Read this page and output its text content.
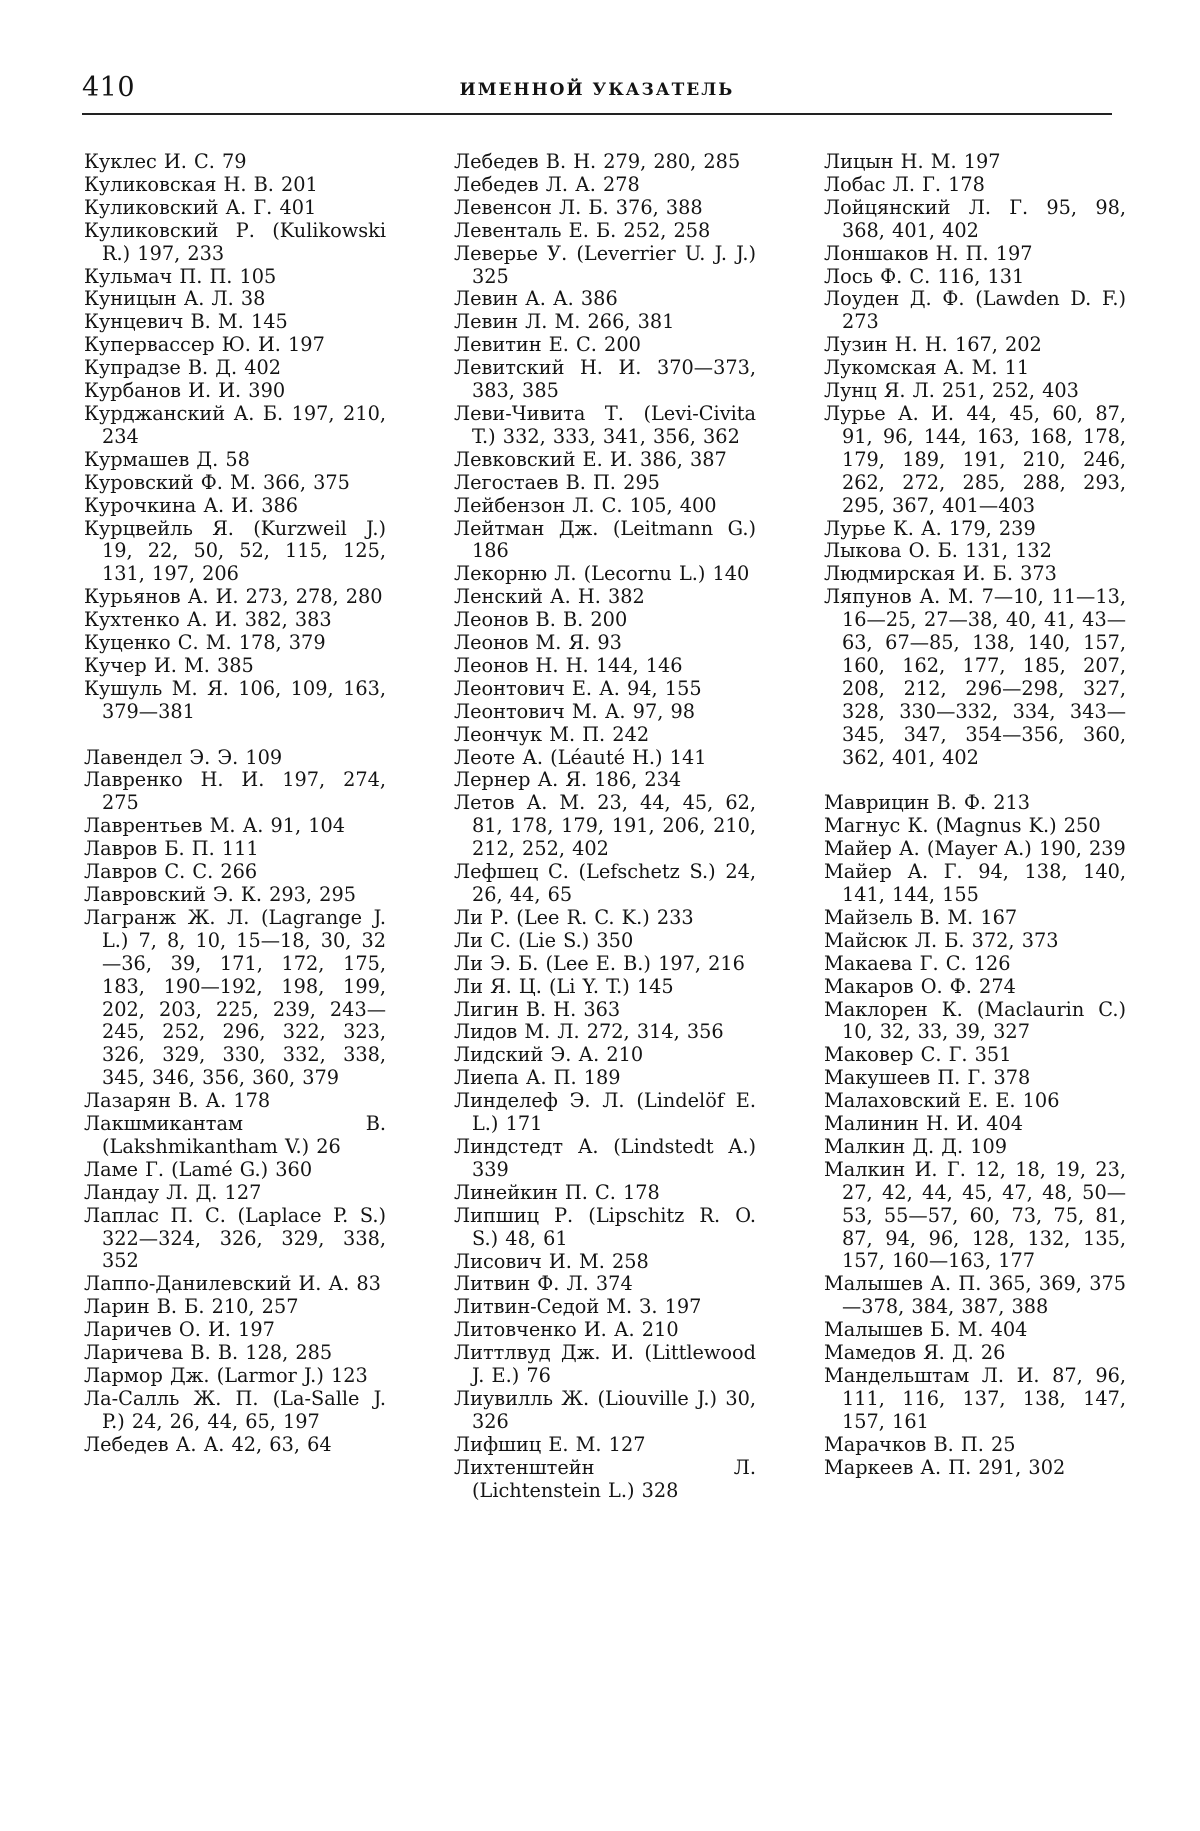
410	ИМЕННОЙ УКАЗАТЕЛЬ
Куклес И. С. 79
Куликовская Н. В. 201
Куликовский А. Г. 401
Куликовский Р. (Kulikowski R.) 197, 233
Кульмач П. П. 105
Куницын А. Л. 38
Кунцевич В. М. 145
Купервассер Ю. И. 197
Купрадзе В. Д. 402
Курбанов И. И. 390
Курджанский А. Б. 197, 210, 234
Курмашев Д. 58
Куровский Ф. М. 366, 375
Курочкина А. И. 386
Курцвейль Я. (Kurzweil J.) 19, 22, 50, 52, 115, 125, 131, 197, 206
Курьянов А. И. 273, 278, 280
Кухтенко А. И. 382, 383
Куценко С. М. 178, 379
Кучер И. М. 385
Кушуль М. Я. 106, 109, 163, 379—381
Лавендел Э. Э. 109
Лавренко Н. И. 197, 274, 275
Лаврентьев М. А. 91, 104
Лавров Б. П. 111
Лавров С. С. 266
Лавровский Э. К. 293, 295
Лагранж Ж. Л. (Lagrange J. L.) 7, 8, 10, 15—18, 30, 32—36, 39, 171, 172, 175, 183, 190—192, 198, 199, 202, 203, 225, 239, 243—245, 252, 296, 322, 323, 326, 329, 330, 332, 338, 345, 346, 356, 360, 379
Лазарян В. А. 178
Лакшмикантам В. (Lakshmikantham V.) 26
Ламе Г. (Lamé G.) 360
Ландау Л. Д. 127
Лаплас П. С. (Laplace P. S.) 322—324, 326, 329, 338, 352
Лаппо-Данилевский И. А. 83
Ларин В. Б. 210, 257
Ларичев О. И. 197
Ларичева В. В. 128, 285
Лармор Дж. (Larmor J.) 123
Ла-Салль Ж. П. (La-Salle J. P.) 24, 26, 44, 65, 197
Лебедев А. А. 42, 63, 64
Лебедев В. Н. 279, 280, 285
Лебедев Л. А. 278
Левенсон Л. Б. 376, 388
Левенталь Е. Б. 252, 258
Леверье У. (Leverrier U. J. J.) 325
Левин А. А. 386
Левин Л. М. 266, 381
Левитин Е. С. 200
Левитский Н. И. 370—373, 383, 385
Леви-Чивита Т. (Levi-Civita T.) 332, 333, 341, 356, 362
Левковский Е. И. 386, 387
Легостаев В. П. 295
Лейбензон Л. С. 105, 400
Лейтман Дж. (Leitmann G.) 186
Лекорню Л. (Lecornu L.) 140
Ленский А. Н. 382
Леонов В. В. 200
Леонов М. Я. 93
Леонов Н. Н. 144, 146
Леонтович Е. А. 94, 155
Леонтович М. А. 97, 98
Леончук М. П. 242
Леоте А. (Léauté H.) 141
Лернер А. Я. 186, 234
Летов А. М. 23, 44, 45, 62, 81, 178, 179, 191, 206, 210, 212, 252, 402
Лефшец С. (Lefschetz S.) 24, 26, 44, 65
Ли Р. (Lee R. C. K.) 233
Ли С. (Lie S.) 350
Ли Э. Б. (Lee E. B.) 197, 216
Ли Я. Ц. (Li Y. T.) 145
Лигин В. Н. 363
Лидов М. Л. 272, 314, 356
Лидский Э. А. 210
Лиепа А. П. 189
Линделеф Э. Л. (Lindelöf E. L.) 171
Линдстедт А. (Lindstedt A.) 339
Линейкин П. С. 178
Липшиц Р. (Lipschitz R. O. S.) 48, 61
Лисович И. М. 258
Литвин Ф. Л. 374
Литвин-Седой М. З. 197
Литовченко И. А. 210
Литтлвуд Дж. И. (Littlewood J. E.) 76
Лиувилль Ж. (Liouville J.) 30, 326
Лифшиц Е. М. 127
Лихтенштейн Л. (Lichtenstein L.) 328
Лицын Н. М. 197
Лобас Л. Г. 178
Лойцянский Л. Г. 95, 98, 368, 401, 402
Лоншаков Н. П. 197
Лось Ф. С. 116, 131
Лоуден Д. Ф. (Lawden D. F.) 273
Лузин Н. Н. 167, 202
Лукомская А. М. 11
Лунц Я. Л. 251, 252, 403
Лурье А. И. 44, 45, 60, 87, 91, 96, 144, 163, 168, 178, 179, 189, 191, 210, 246, 262, 272, 285, 288, 293, 295, 367, 401—403
Лурье К. А. 179, 239
Лыкова О. Б. 131, 132
Людмирская И. Б. 373
Ляпунов А. М. 7—10, 11—13, 16—25, 27—38, 40, 41, 43—63, 67—85, 138, 140, 157, 160, 162, 177, 185, 207, 208, 212, 296—298, 327, 328, 330—332, 334, 343—345, 347, 354—356, 360, 362, 401, 402
Маврицин В. Ф. 213
Магнус К. (Magnus K.) 250
Майер А. (Mayer A.) 190, 239
Майер А. Г. 94, 138, 140, 141, 144, 155
Майзель В. М. 167
Майсюк Л. Б. 372, 373
Макаева Г. С. 126
Макаров О. Ф. 274
Маклорен К. (Maclaurin C.) 10, 32, 33, 39, 327
Маковер С. Г. 351
Макушеев П. Г. 378
Малаховский Е. Е. 106
Малинин Н. И. 404
Малкин Д. Д. 109
Малкин И. Г. 12, 18, 19, 23, 27, 42, 44, 45, 47, 48, 50—53, 55—57, 60, 73, 75, 81, 87, 94, 96, 128, 132, 135, 157, 160—163, 177
Малышев А. П. 365, 369, 375—378, 384, 387, 388
Малышев Б. М. 404
Мамедов Я. Д. 26
Мандельштам Л. И. 87, 96, 111, 116, 137, 138, 147, 157, 161
Марачков В. П. 25
Маркеев А. П. 291, 302
